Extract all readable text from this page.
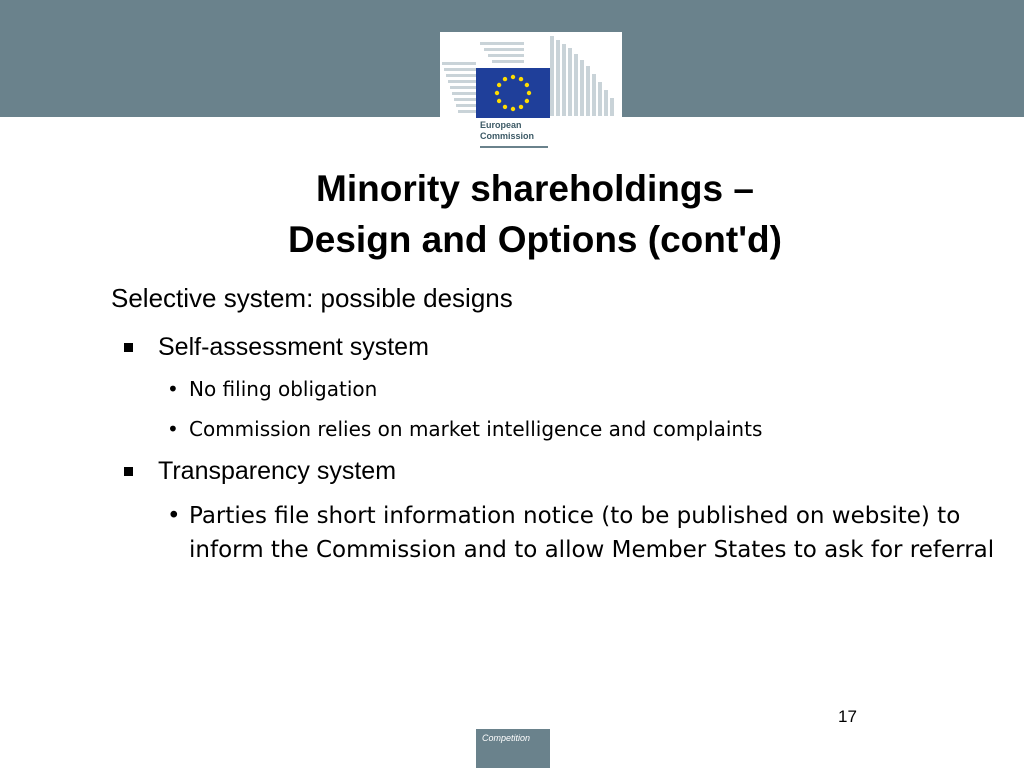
European
Commission
Minority shareholdings –
Design and Options (cont'd)
Selective system: possible designs
Self-assessment system
• No filing obligation
• Commission relies on market intelligence and complaints
Transparency system
• Parties file short information notice (to be published on website) to inform the Commission and to allow Member States to ask for referral
17
Competition
